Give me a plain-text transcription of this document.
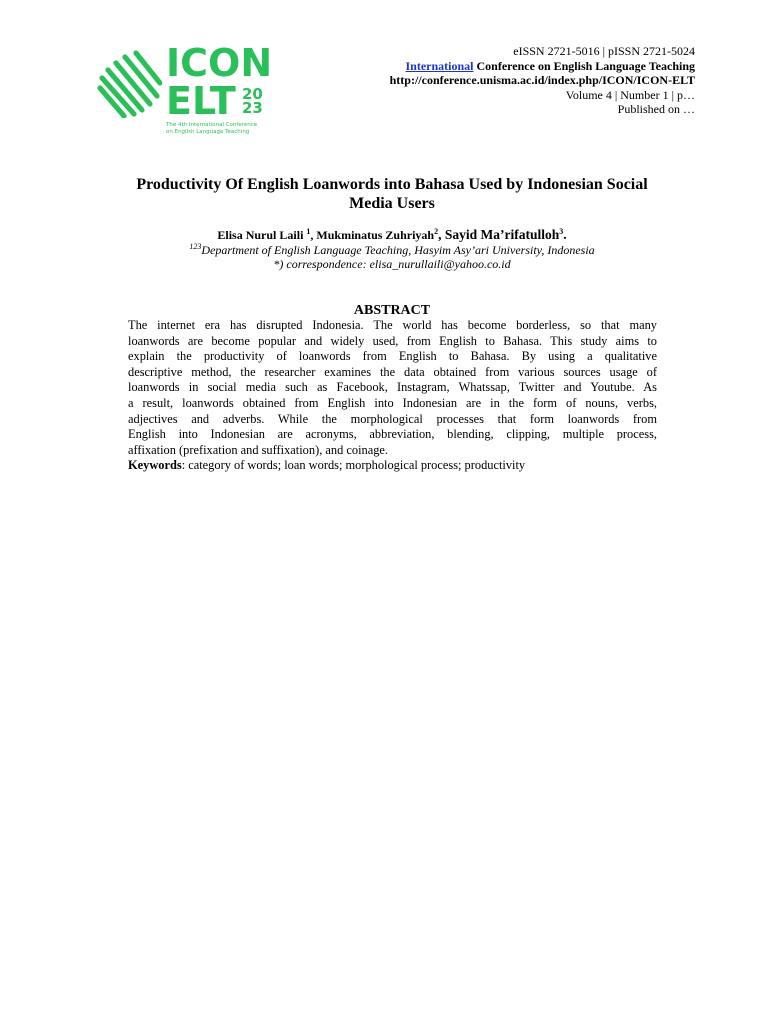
ICON
ELT 20
23
The 4th International Conference
on English Language Teaching
eISSN 2721-5016 | pISSN 2721-5024
International Conference on English Language Teaching
http://conference.unisma.ac.id/index.php/ICON/ICON-ELT
Volume 4 | Number 1 | p…
Published on …
Productivity Of English Loanwords into Bahasa Used by Indonesian Social
Media Users
Elisa Nurul Laili $^1$, Mukminatus Zuhriyah$^2$, Sayid Ma’rifatulloh$^3$.
$^{123}$Department of English Language Teaching, Hasyim Asy’ari University, Indonesia
*) correspondence: elisa_nurullaili@yahoo.co.id
ABSTRACT
The internet era has disrupted Indonesia. The world has become borderless, so that many
loanwords are become popular and widely used, from English to Bahasa. This study aims to
explain the productivity of loanwords from English to Bahasa. By using a qualitative
descriptive method, the researcher examines the data obtained from various sources usage of
loanwords in social media such as Facebook, Instagram, Whatssap, Twitter and Youtube. As
a result, loanwords obtained from English into Indonesian are in the form of nouns, verbs,
adjectives and adverbs. While the morphological processes that form loanwords from
English into Indonesian are acronyms, abbreviation, blending, clipping, multiple process,
affixation (prefixation and suffixation), and coinage.
Keywords: category of words; loan words; morphological process; productivity
